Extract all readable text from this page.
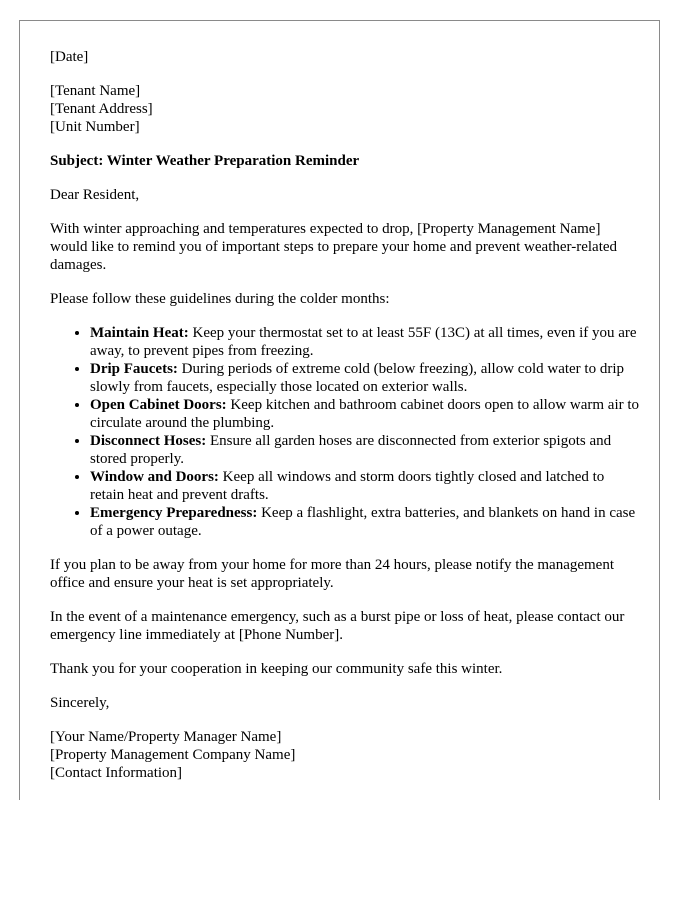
[Date]
[Tenant Name]
[Tenant Address]
[Unit Number]
Subject: Winter Weather Preparation Reminder
Dear Resident,
With winter approaching and temperatures expected to drop, [Property Management Name] would like to remind you of important steps to prepare your home and prevent weather-related damages.
Please follow these guidelines during the colder months:
• Maintain Heat: Keep your thermostat set to at least 55F (13C) at all times, even if you are away, to prevent pipes from freezing.
• Drip Faucets: During periods of extreme cold (below freezing), allow cold water to drip slowly from faucets, especially those located on exterior walls.
• Open Cabinet Doors: Keep kitchen and bathroom cabinet doors open to allow warm air to circulate around the plumbing.
• Disconnect Hoses: Ensure all garden hoses are disconnected from exterior spigots and stored properly.
• Window and Doors: Keep all windows and storm doors tightly closed and latched to retain heat and prevent drafts.
• Emergency Preparedness: Keep a flashlight, extra batteries, and blankets on hand in case of a power outage.
If you plan to be away from your home for more than 24 hours, please notify the management office and ensure your heat is set appropriately.
In the event of a maintenance emergency, such as a burst pipe or loss of heat, please contact our emergency line immediately at [Phone Number].
Thank you for your cooperation in keeping our community safe this winter.
Sincerely,
[Your Name/Property Manager Name]
[Property Management Company Name]
[Contact Information]
